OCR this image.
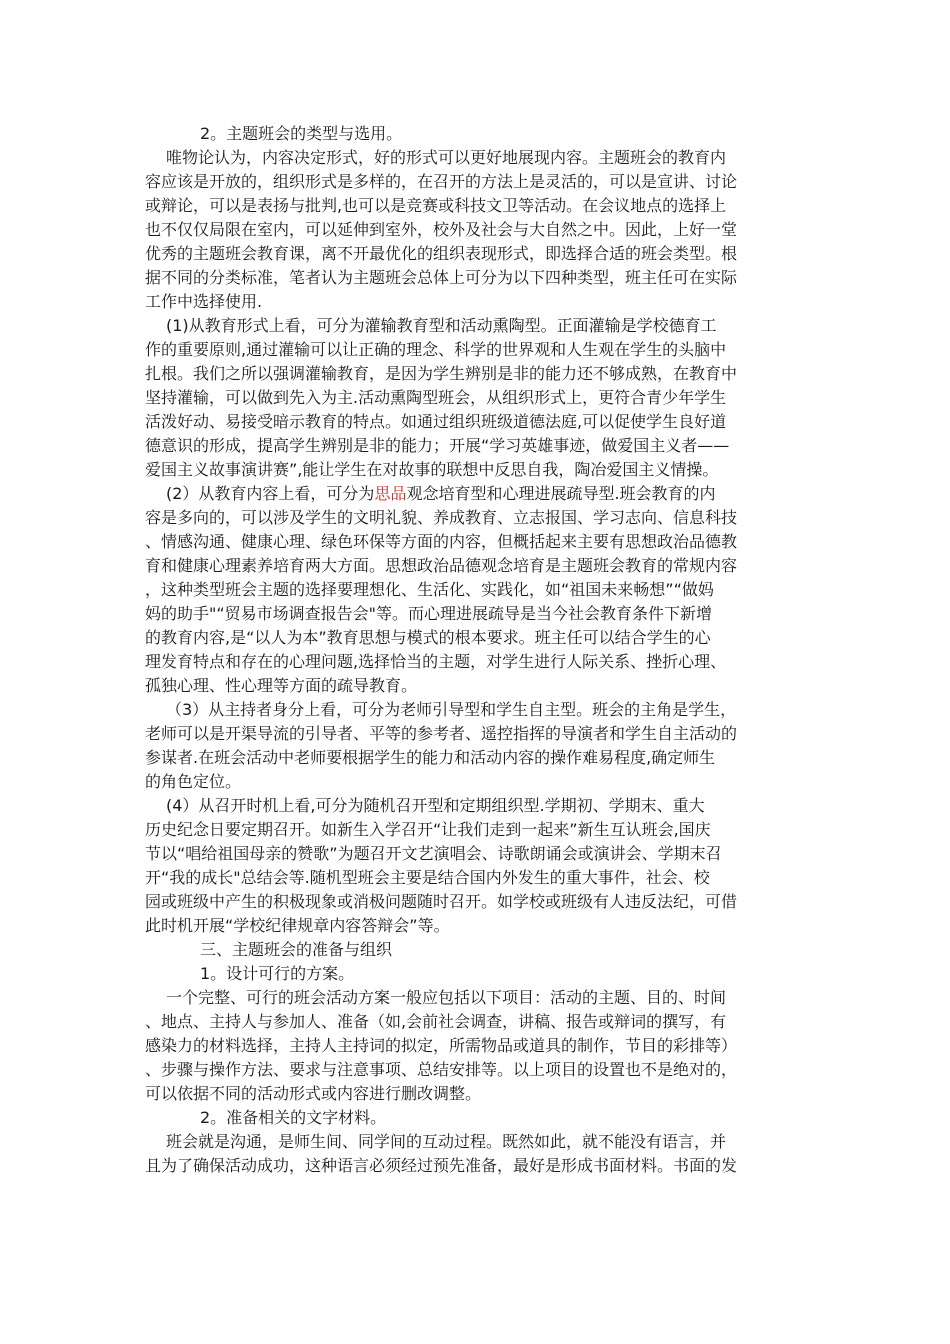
2。主题班会的类型与选用。
唯物论认为，内容决定形式，好的形式可以更好地展现内容。主题班会的教育内
容应该是开放的，组织形式是多样的，在召开的方法上是灵活的，可以是宣讲、讨论
或辩论，可以是表扬与批判,也可以是竞赛或科技文卫等活动。在会议地点的选择上
也不仅仅局限在室内，可以延伸到室外，校外及社会与大自然之中。因此，上好一堂
优秀的主题班会教育课，离不开最优化的组织表现形式，即选择合适的班会类型。根
据不同的分类标准，笔者认为主题班会总体上可分为以下四种类型，班主任可在实际
工作中选择使用.
(1)从教育形式上看，可分为灌输教育型和活动熏陶型。正面灌输是学校德育工
作的重要原则,通过灌输可以让正确的理念、科学的世界观和人生观在学生的头脑中
扎根。我们之所以强调灌输教育，是因为学生辨别是非的能力还不够成熟，在教育中
坚持灌输，可以做到先入为主.活动熏陶型班会，从组织形式上，更符合青少年学生
活泼好动、易接受暗示教育的特点。如通过组织班级道德法庭,可以促使学生良好道
德意识的形成，提高学生辨别是非的能力；开展“学习英雄事迹，做爱国主义者——
爱国主义故事演讲赛”,能让学生在对故事的联想中反思自我，陶冶爱国主义情操。
(2）从教育内容上看，可分为思品观念培育型和心理进展疏导型.班会教育的内
容是多向的，可以涉及学生的文明礼貌、养成教育、立志报国、学习志向、信息科技
、情感沟通、健康心理、绿色环保等方面的内容，但概括起来主要有思想政治品德教
育和健康心理素养培育两大方面。思想政治品德观念培育是主题班会教育的常规内容
，这种类型班会主题的选择要理想化、生活化、实践化，如“祖国未来畅想”“做妈
妈的助手"“贸易市场调查报告会"等。而心理进展疏导是当今社会教育条件下新增
的教育内容,是“以人为本”教育思想与模式的根本要求。班主任可以结合学生的心
理发育特点和存在的心理问题,选择恰当的主题，对学生进行人际关系、挫折心理、
孤独心理、性心理等方面的疏导教育。
（3）从主持者身分上看，可分为老师引导型和学生自主型。班会的主角是学生，
老师可以是开渠导流的引导者、平等的参考者、遥控指挥的导演者和学生自主活动的
参谋者.在班会活动中老师要根据学生的能力和活动内容的操作难易程度,确定师生
的角色定位。
(4）从召开时机上看,可分为随机召开型和定期组织型.学期初、学期末、重大
历史纪念日要定期召开。如新生入学召开“让我们走到一起来”新生互认班会,国庆
节以“唱给祖国母亲的赞歌”为题召开文艺演唱会、诗歌朗诵会或演讲会、学期末召
开“我的成长"总结会等.随机型班会主要是结合国内外发生的重大事件，社会、校
园或班级中产生的积极现象或消极问题随时召开。如学校或班级有人违反法纪，可借
此时机开展“学校纪律规章内容答辩会”等。
三、主题班会的准备与组织
1。设计可行的方案。
一个完整、可行的班会活动方案一般应包括以下项目：活动的主题、目的、时间
、地点、主持人与参加人、准备（如,会前社会调查，讲稿、报告或辩词的撰写，有
感染力的材料选择，主持人主持词的拟定，所需物品或道具的制作，节目的彩排等）
、步骤与操作方法、要求与注意事项、总结安排等。以上项目的设置也不是绝对的，
可以依据不同的活动形式或内容进行删改调整。
2。准备相关的文字材料。
班会就是沟通，是师生间、同学间的互动过程。既然如此，就不能没有语言，并
且为了确保活动成功，这种语言必须经过预先准备，最好是形成书面材料。书面的发
